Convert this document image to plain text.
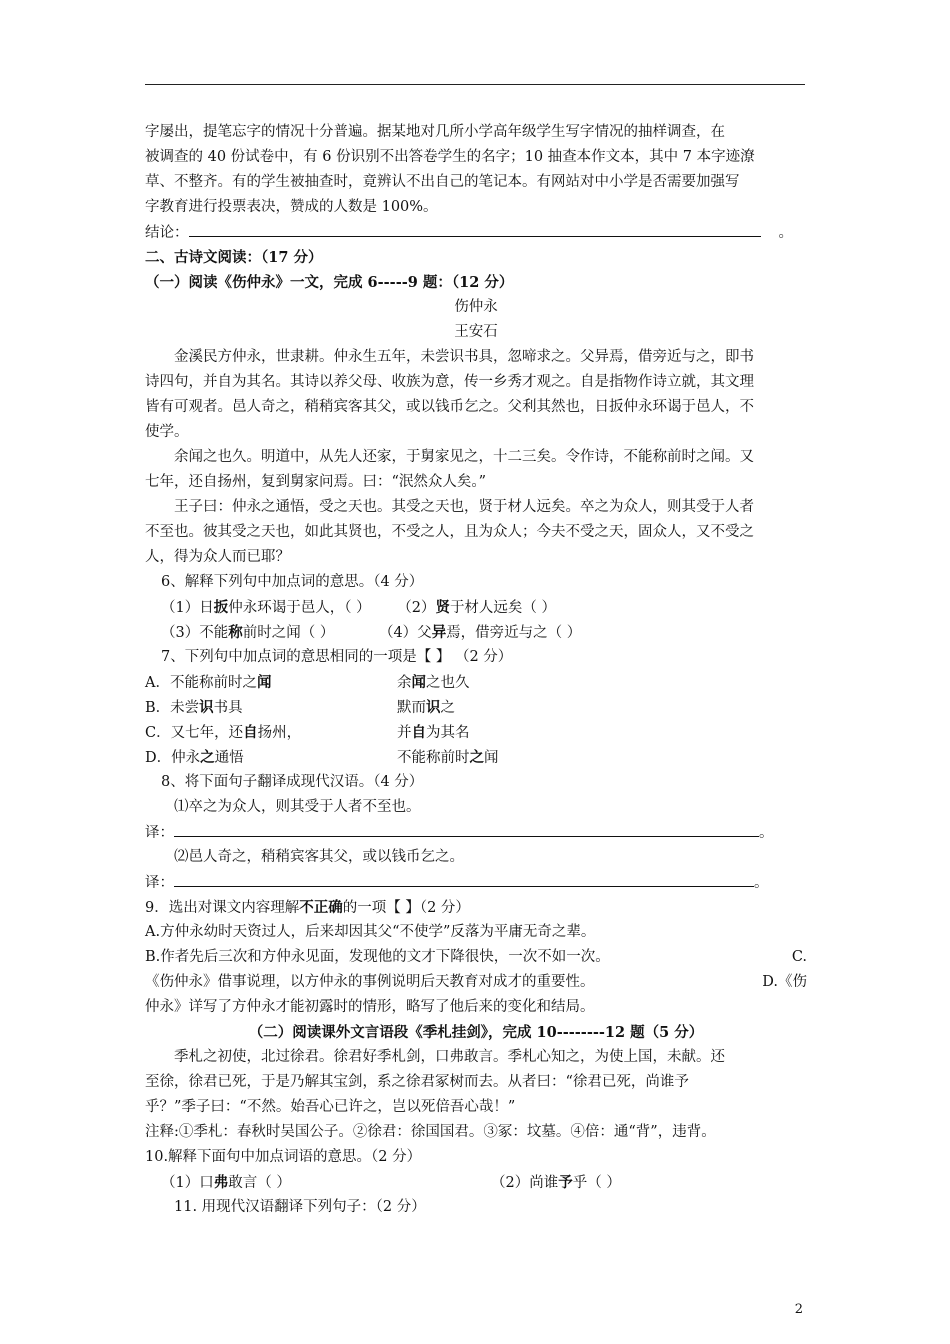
字屡出，提笔忘字的情况十分普遍。据某地对几所小学高年级学生写字情况的抽样调查，在
被调查的 40 份试卷中，有 6 份识别不出答卷学生的名字；10 抽查本作文本，其中 7 本字迹潦
草、不整齐。有的学生被抽查时，竟辨认不出自己的笔记本。有网站对中小学是否需要加强写
字教育进行投票表决，赞成的人数是 100%。
结论：	。
二、古诗文阅读：（17 分）
（一）阅读《伤仲永》一文，完成 6-----9 题：（12 分）
伤仲永
王安石
金溪民方仲永，世隶耕。仲永生五年，未尝识书具，忽啼求之。父异焉，借旁近与之，即书
诗四句，并自为其名。其诗以养父母、收族为意，传一乡秀才观之。自是指物作诗立就，其文理
皆有可观者。邑人奇之，稍稍宾客其父，或以钱币乞之。父利其然也，日扳仲永环谒于邑人，不
使学。
余闻之也久。明道中，从先人还家，于舅家见之，十二三矣。令作诗，不能称前时之闻。又
七年，还自扬州，复到舅家问焉。曰：“泯然众人矣。”
王子曰：仲永之通悟，受之天也。其受之天也，贤于材人远矣。卒之为众人，则其受于人者
不至也。彼其受之天也，如此其贤也，不受之人，且为众人；今夫不受之天，固众人，又不受之
人，得为众人而已耶？
6、解释下列句中加点词的意思。（4 分）
（1）日扳仲永环谒于邑人，（ ） （2）贤于材人远矣（ ）
（3）不能称前时之闻（ ）	（4）父异焉，借旁近与之（ ）
7、下列句中加点词的意思相同的一项是【 】 （2 分）
A．不能称前时之闻	余闻之也久
B．未尝识书具	默而识之
C．又七年，还自扬州，	并自为其名
D．仲永之通悟	不能称前时之闻
8、将下面句子翻译成现代汉语。（4 分）
⑴卒之为众人，则其受于人者不至也。
译：	。
⑵邑人奇之，稍稍宾客其父，或以钱币乞之。
译：	。
9．选出对课文内容理解不正确的一项【 】（2 分）
A.方仲永幼时天资过人，后来却因其父“不使学”反落为平庸无奇之辈。
B.作者先后三次和方仲永见面，发现他的文才下降很快，一次不如一次。	C.
《伤仲永》借事说理，以方仲永的事例说明后天教育对成才的重要性。	D.《伤
仲永》详写了方仲永才能初露时的情形，略写了他后来的变化和结局。
（二）阅读课外文言语段《季札挂剑》，完成 10--------12 题（5 分）
季札之初使，北过徐君。徐君好季札剑，口弗敢言。季札心知之，为使上国，未献。还
至徐，徐君已死，于是乃解其宝剑，系之徐君冢树而去。从者曰：“徐君已死，尚谁予
乎？”季子曰：“不然。始吾心已许之，岂以死倍吾心哉！”
注释:①季札：春秋时吴国公子。②徐君：徐国国君。③冢：坟墓。④倍：通“背”，违背。
10.解释下面句中加点词语的意思。（2 分）
（1）口弗敢言（ ）	（2）尚谁予乎（ ）
11. 用现代汉语翻译下列句子：（2 分）
2
